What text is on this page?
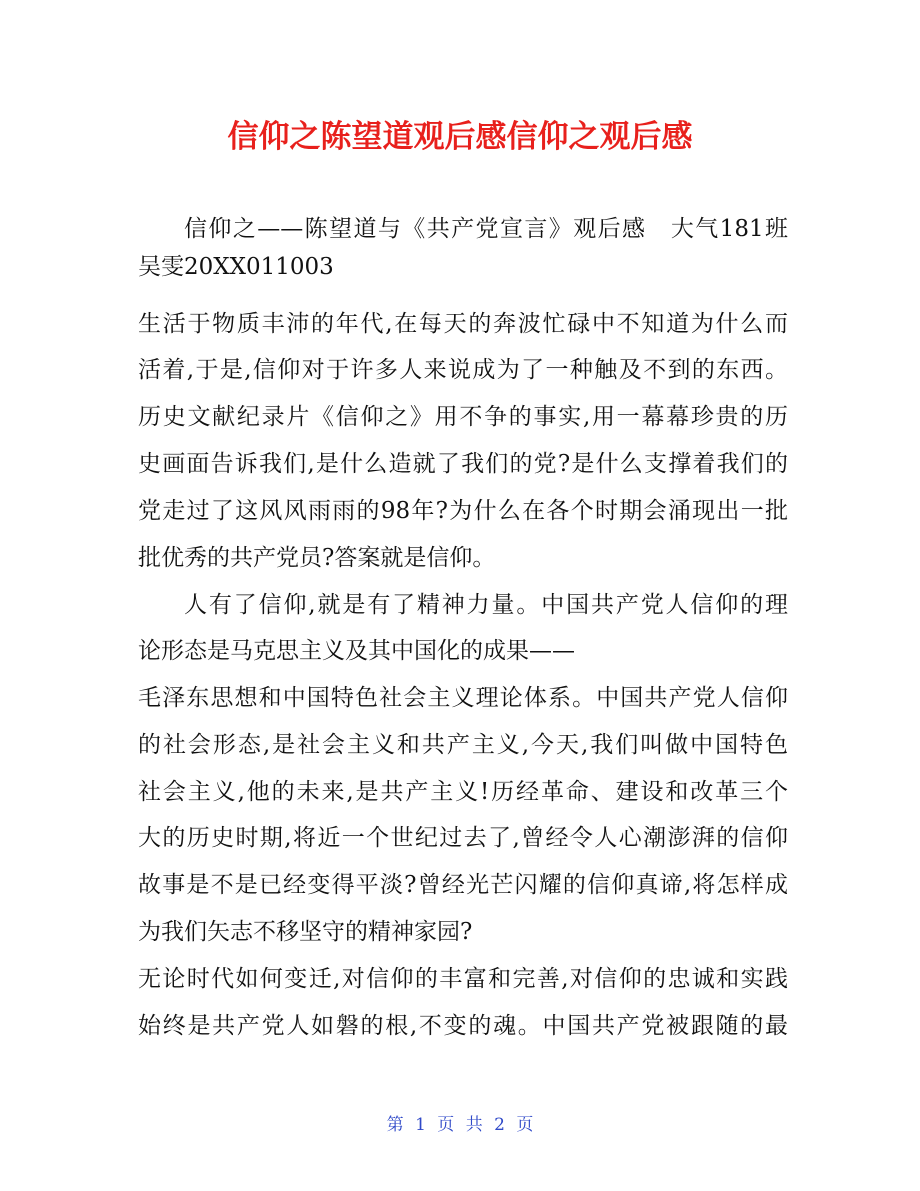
信仰之陈望道观后感信仰之观后感

信仰之——陈望道与《共产党宣言》观后感　大气181班

吴雯20XX011003

生活于物质丰沛的年代,在每天的奔波忙碌中不知道为什么而

活着,于是,信仰对于许多人来说成为了一种触及不到的东西。

历史文献纪录片《信仰之》用不争的事实,用一幕幕珍贵的历

史画面告诉我们,是什么造就了我们的党?是什么支撑着我们的

党走过了这风风雨雨的98年?为什么在各个时期会涌现出一批

批优秀的共产党员?答案就是信仰。

人有了信仰,就是有了精神力量。中国共产党人信仰的理

论形态是马克思主义及其中国化的成果——

毛泽东思想和中国特色社会主义理论体系。中国共产党人信仰

的社会形态,是社会主义和共产主义,今天,我们叫做中国特色

社会主义,他的未来,是共产主义!历经革命、建设和改革三个

大的历史时期,将近一个世纪过去了,曾经令人心潮澎湃的信仰

故事是不是已经变得平淡?曾经光芒闪耀的信仰真谛,将怎样成

为我们矢志不移坚守的精神家园?

无论时代如何变迁,对信仰的丰富和完善,对信仰的忠诚和实践

始终是共产党人如磐的根,不变的魂。中国共产党被跟随的最

第 1 页 共 2 页
